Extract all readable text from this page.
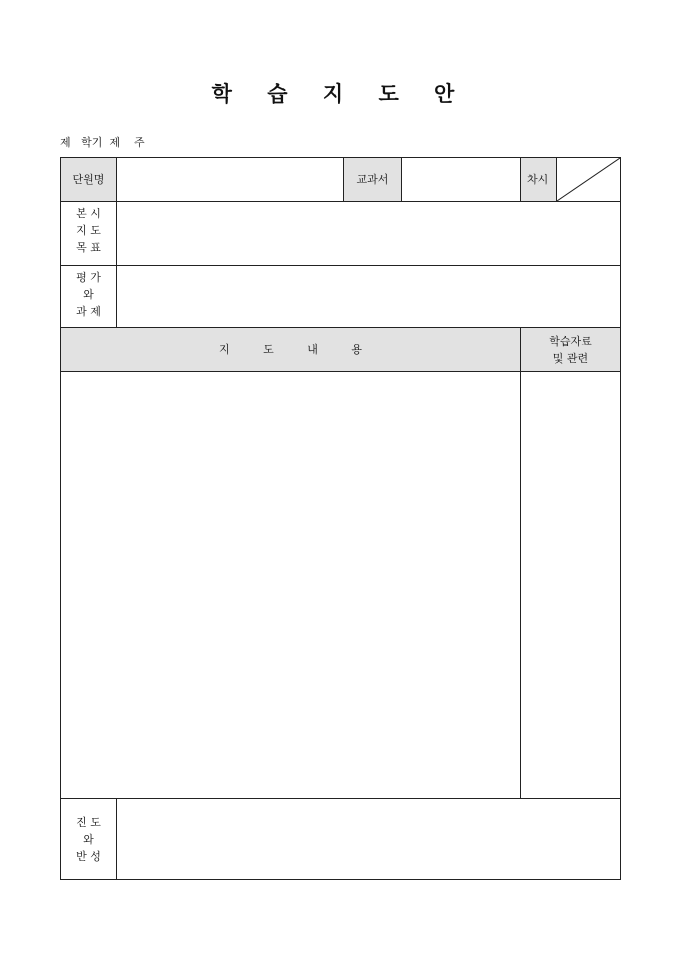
학 습 지 도 안
제   학기  제    주
단원명	교과서	차시
본 시
지 도
목 표
평 가
와
과 제
지 도 내 용
학습자료
및 관련
진 도
와
반 성
